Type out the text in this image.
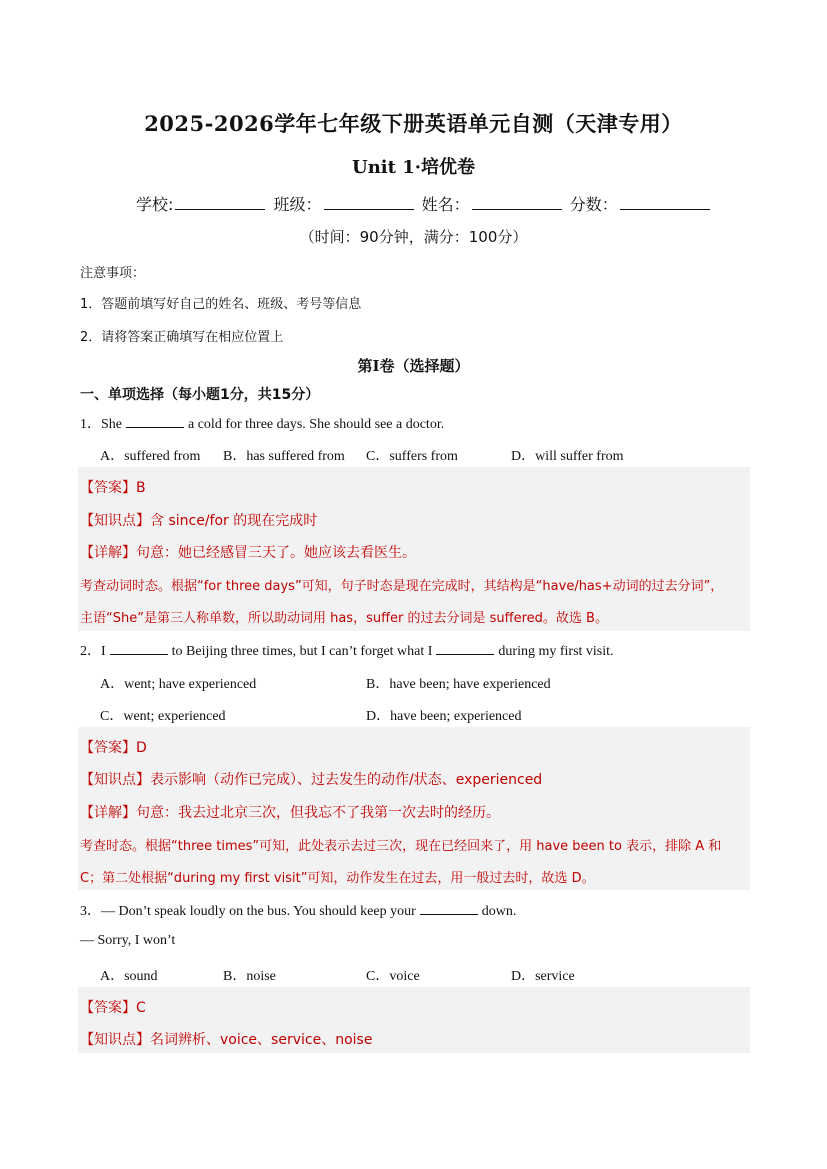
2025-2026学年七年级下册英语单元自测（天津专用）
Unit 1·培优卷
学校:	班级：	姓名：	分数：
（时间：90分钟，满分：100分）
注意事项：
1．答题前填写好自己的姓名、班级、考号等信息
2．请将答案正确填写在相应位置上
第I卷（选择题）
一、单项选择（每小题1分，共15分）
1．She	a cold for three days. She should see a doctor.
A．suffered from B．has suffered from C．suffers from	D．will suffer from
【答案】B
【知识点】含 since/for 的现在完成时
【详解】句意：她已经感冒三天了。她应该去看医生。
考查动词时态。根据“for three days”可知，句子时态是现在完成时，其结构是“have/has+动词的过去分词”，
主语“She”是第三人称单数，所以助动词用 has，suffer 的过去分词是 suffered。故选 B。
2．I	to Beijing three times, but I can’t forget what I	during my first visit.
A．went; have experienced	B．have been; have experienced
C．went; experienced	D．have been; experienced
【答案】D
【知识点】表示影响（动作已完成）、过去发生的动作/状态、experienced
【详解】句意：我去过北京三次，但我忘不了我第一次去时的经历。
考查时态。根据“three times”可知，此处表示去过三次，现在已经回来了，用 have been to 表示，排除 A 和
C；第二处根据“during my first visit”可知，动作发生在过去，用一般过去时，故选 D。
3．— Don’t speak loudly on the bus. You should keep your	down.
— Sorry, I won’t
A．sound	B．noise	C．voice	D．service
【答案】C
【知识点】名词辨析、voice、service、noise
